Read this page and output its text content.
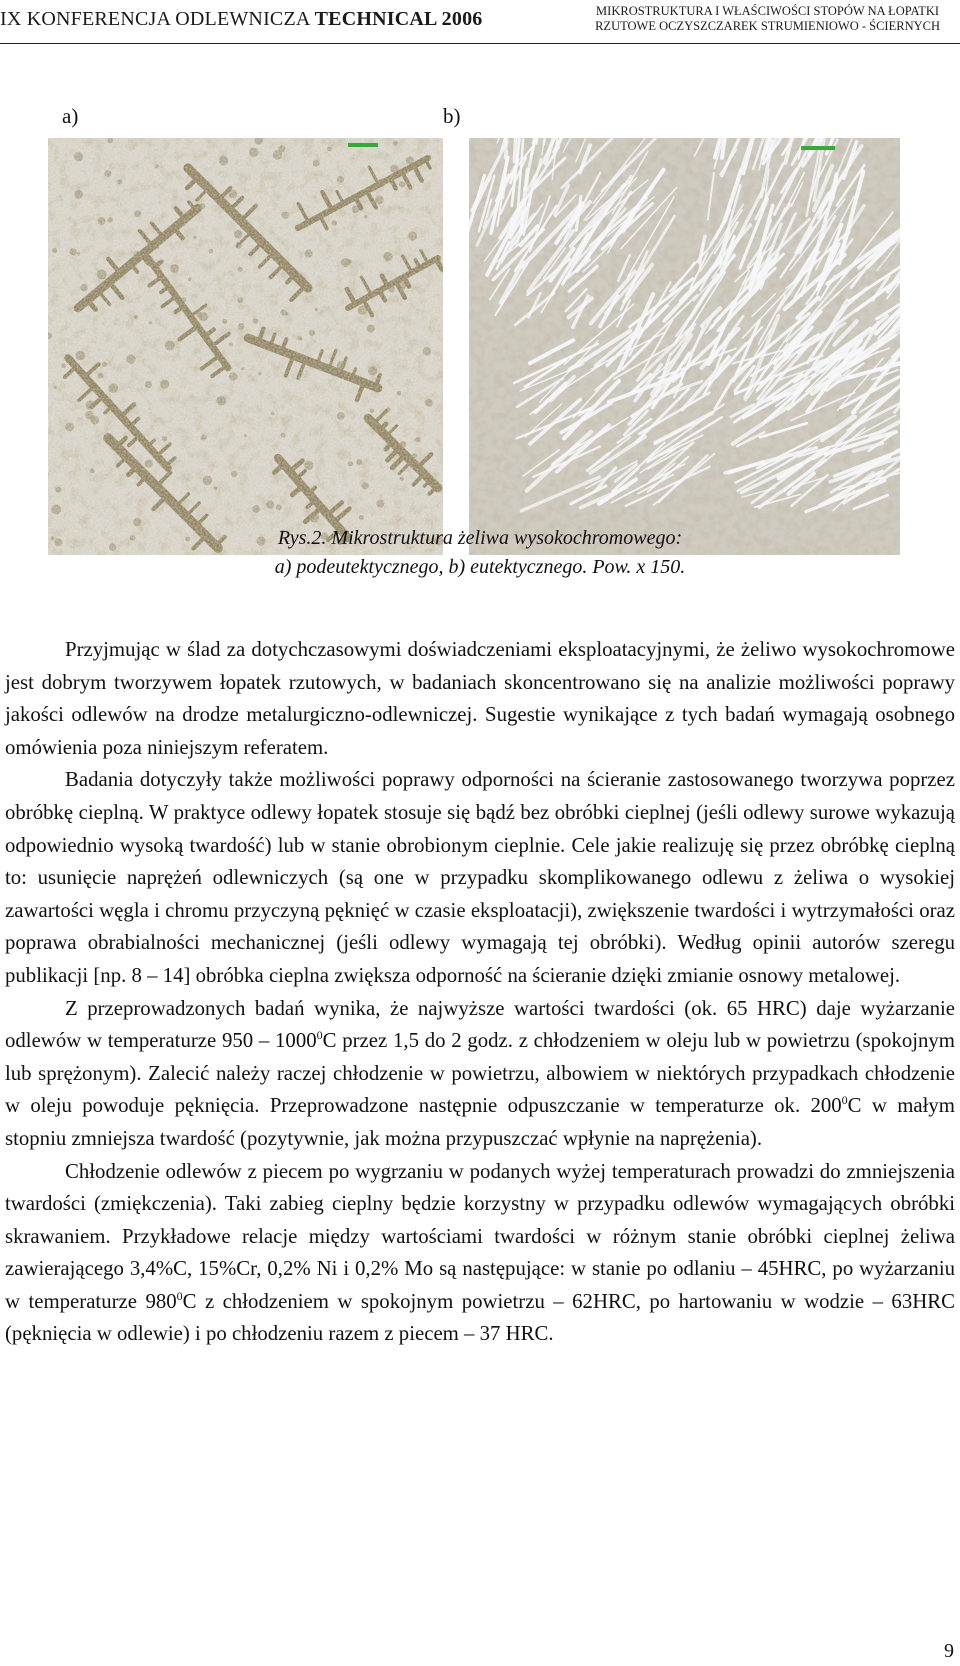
IX KONFERENCJA ODLEWNICZA TECHNICAL 2006	MIKROSTRUKTURA I WŁAŚCIWOŚCI STOPÓW NA ŁOPATKI
RZUTOWE OCZYSZCZAREK STRUMIENIOWO - ŚCIERNYCH
a)	b)
Rys.2. Mikrostruktura żeliwa wysokochromowego:
a) podeutektycznego, b) eutektycznego. Pow. x 150.

Przyjmując w ślad za dotychczasowymi doświadczeniami eksploatacyjnymi, że żeliwo wysokochromowe jest dobrym tworzywem łopatek rzutowych, w badaniach skoncentrowano się na analizie możliwości poprawy jakości odlewów na drodze metalurgiczno-odlewniczej. Sugestie wynikające z tych badań wymagają osobnego omówienia poza niniejszym referatem.

Badania dotyczyły także możliwości poprawy odporności na ścieranie zastosowanego tworzywa poprzez obróbkę cieplną. W praktyce odlewy łopatek stosuje się bądź bez obróbki cieplnej (jeśli odlewy surowe wykazują odpowiednio wysoką twardość) lub w stanie obrobionym cieplnie. Cele jakie realizuję się przez obróbkę cieplną to: usunięcie naprężeń odlewniczych (są one w przypadku skomplikowanego odlewu z żeliwa o wysokiej zawartości węgla i chromu przyczyną pęknięć w czasie eksploatacji), zwiększenie twardości i wytrzymałości oraz poprawa obrabialności mechanicznej (jeśli odlewy wymagają tej obróbki). Według opinii autorów szeregu publikacji [np. 8 – 14] obróbka cieplna zwiększa odporność na ścieranie dzięki zmianie osnowy metalowej.

Z przeprowadzonych badań wynika, że najwyższe wartości twardości (ok. 65 HRC) daje wyżarzanie odlewów w temperaturze 950 – 1000$^0$C przez 1,5 do 2 godz. z chłodzeniem w oleju lub w powietrzu (spokojnym lub sprężonym). Zalecić należy raczej chłodzenie w powietrzu, albowiem w niektórych przypadkach chłodzenie w oleju powoduje pęknięcia. Przeprowadzone następnie odpuszczanie w temperaturze ok. $200^0C$ w małym stopniu zmniejsza twardość (pozytywnie, jak można przypuszczać wpłynie na naprężenia).

Chłodzenie odlewów z piecem po wygrzaniu w podanych wyżej temperaturach prowadzi do zmniejszenia twardości (zmiękczenia). Taki zabieg cieplny będzie korzystny w przypadku odlewów wymagających obróbki skrawaniem. Przykładowe relacje między wartościami twardości w różnym stanie obróbki cieplnej żeliwa zawierającego 3,4%C, 15%Cr, 0,2% Ni i 0,2% Mo są następujące: w stanie po odlaniu – 45HRC, po wyżarzaniu w temperaturze $980^0C$ z chłodzeniem w spokojnym powietrzu – 62HRC, po hartowaniu w wodzie – 63HRC (pęknięcia w odlewie) i po chłodzeniu razem z piecem – 37 HRC.

9
